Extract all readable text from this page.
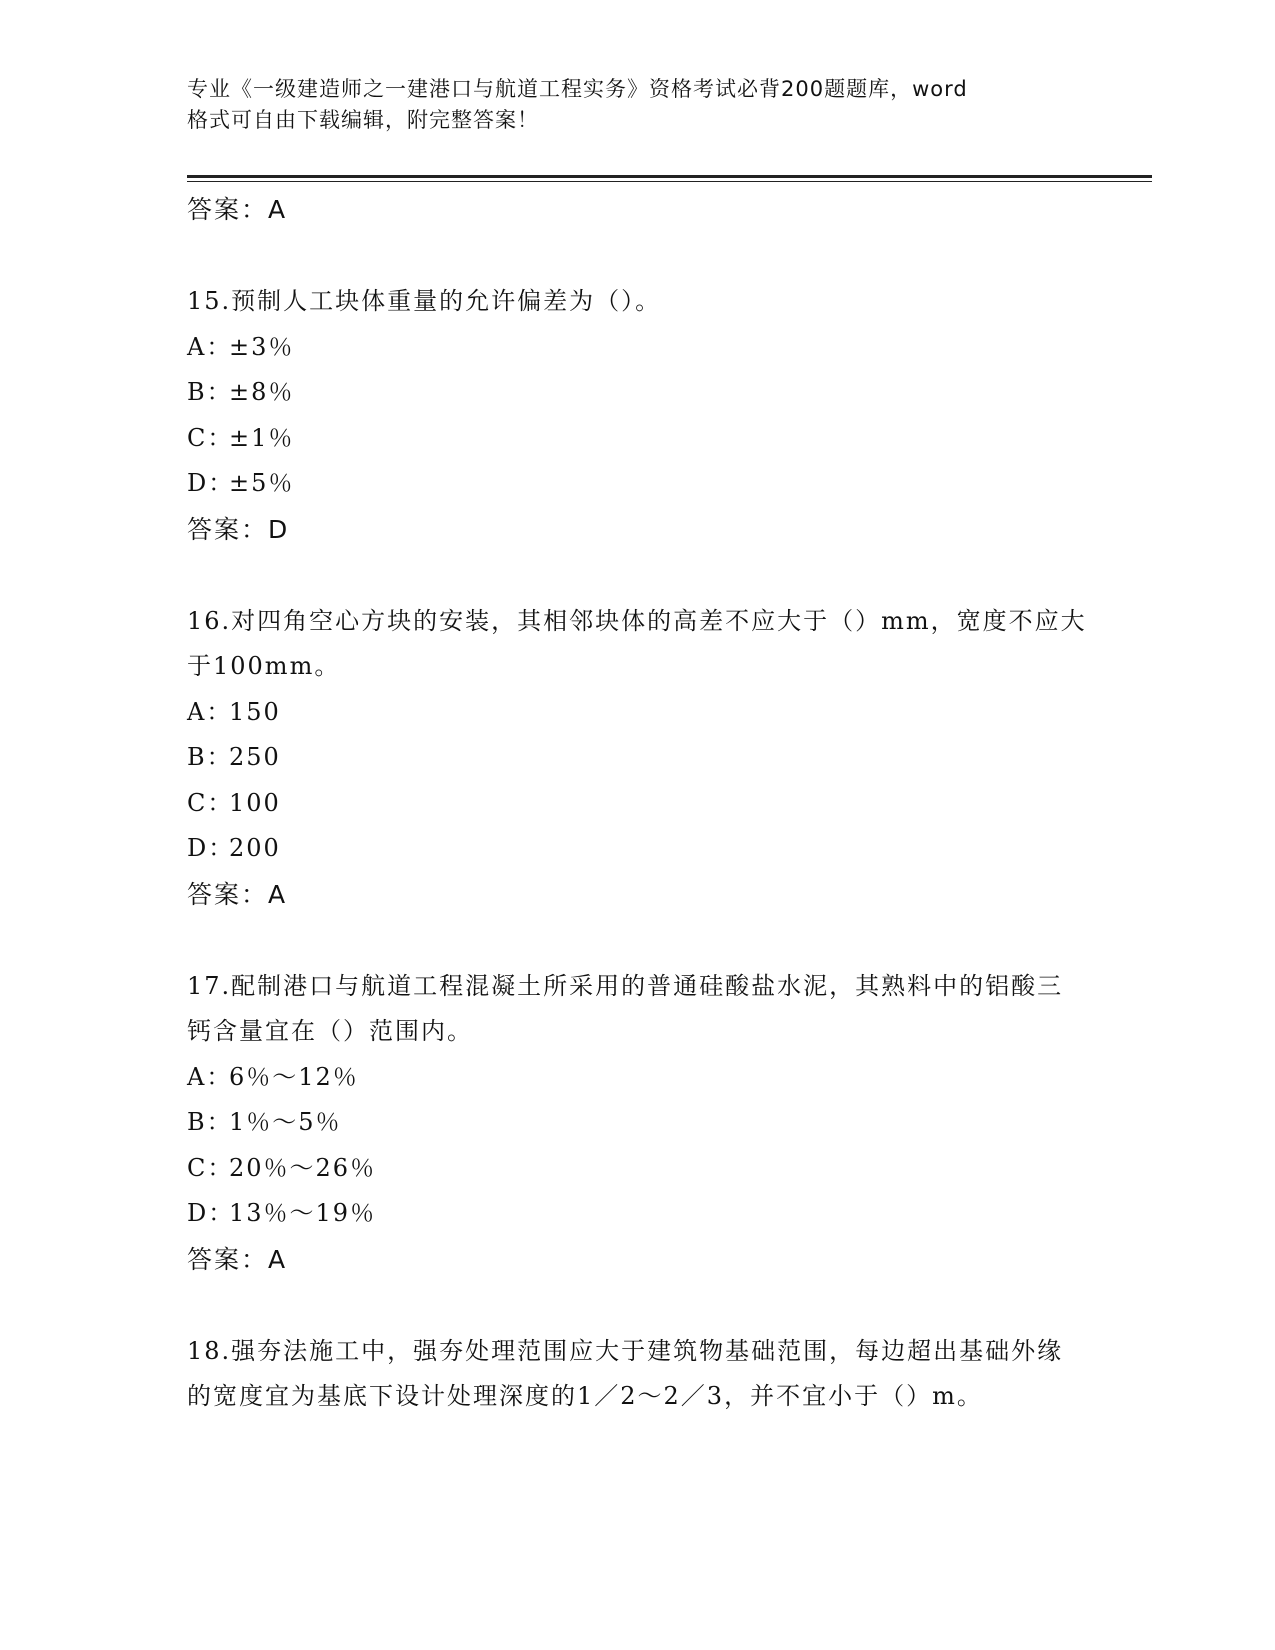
专业《一级建造师之一建港口与航道工程实务》资格考试必背200题题库，word
格式可自由下载编辑，附完整答案！
答案：A
15.预制人工块体重量的允许偏差为（）。
A：±3％
B：±8％
C：±1％
D：±5％
答案：D
16.对四角空心方块的安装，其相邻块体的高差不应大于（）mm，宽度不应大于100mm。
A：150
B：250
C：100
D：200
答案：A
17.配制港口与航道工程混凝土所采用的普通硅酸盐水泥，其熟料中的铝酸三钙含量宜在（）范围内。
A：6％～12％
B：1％～5％
C：20％～26％
D：13％～19％
答案：A
18.强夯法施工中，强夯处理范围应大于建筑物基础范围，每边超出基础外缘的宽度宜为基底下设计处理深度的1／2～2／3，并不宜小于（）m。
